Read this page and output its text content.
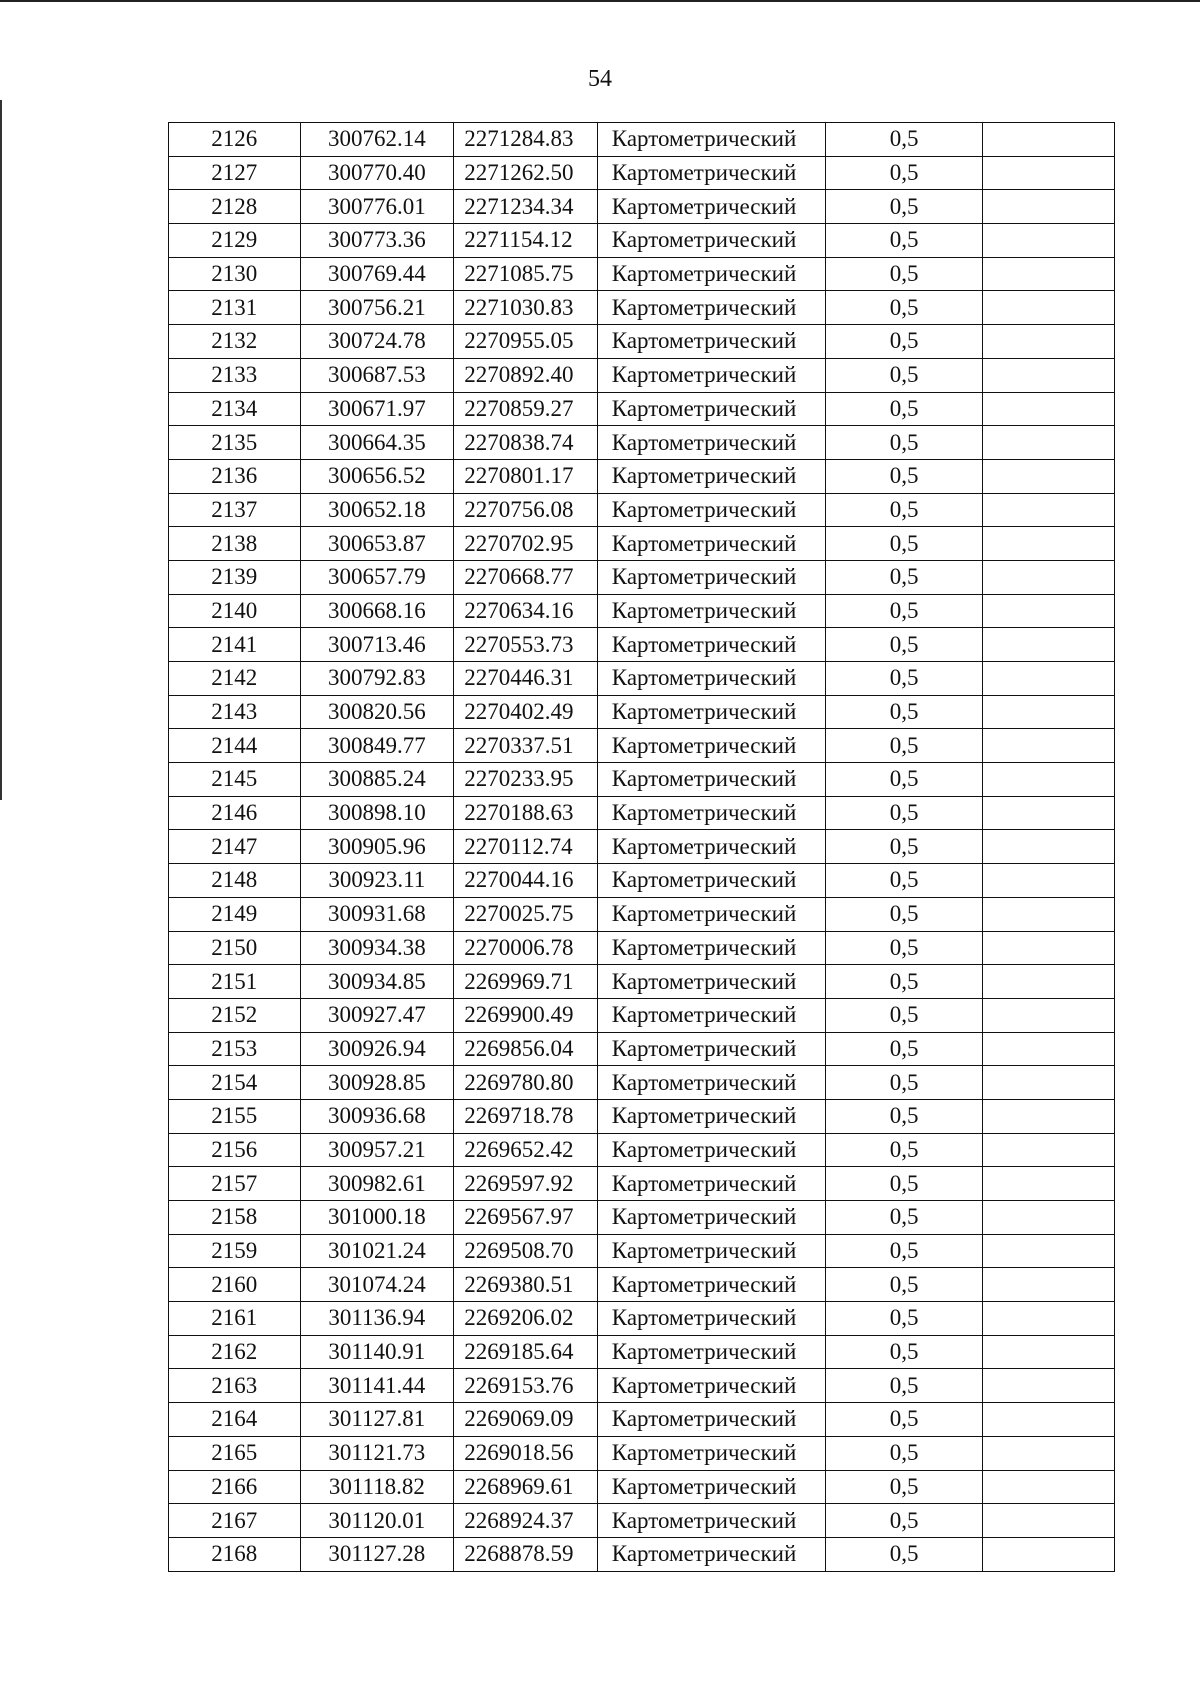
54
2126	300762.14	2271284.83	Картометрический	0,5	
2127	300770.40	2271262.50	Картометрический	0,5	
2128	300776.01	2271234.34	Картометрический	0,5	
2129	300773.36	2271154.12	Картометрический	0,5	
2130	300769.44	2271085.75	Картометрический	0,5	
2131	300756.21	2271030.83	Картометрический	0,5	
2132	300724.78	2270955.05	Картометрический	0,5	
2133	300687.53	2270892.40	Картометрический	0,5	
2134	300671.97	2270859.27	Картометрический	0,5	
2135	300664.35	2270838.74	Картометрический	0,5	
2136	300656.52	2270801.17	Картометрический	0,5	
2137	300652.18	2270756.08	Картометрический	0,5	
2138	300653.87	2270702.95	Картометрический	0,5	
2139	300657.79	2270668.77	Картометрический	0,5	
2140	300668.16	2270634.16	Картометрический	0,5	
2141	300713.46	2270553.73	Картометрический	0,5	
2142	300792.83	2270446.31	Картометрический	0,5	
2143	300820.56	2270402.49	Картометрический	0,5	
2144	300849.77	2270337.51	Картометрический	0,5	
2145	300885.24	2270233.95	Картометрический	0,5	
2146	300898.10	2270188.63	Картометрический	0,5	
2147	300905.96	2270112.74	Картометрический	0,5	
2148	300923.11	2270044.16	Картометрический	0,5	
2149	300931.68	2270025.75	Картометрический	0,5	
2150	300934.38	2270006.78	Картометрический	0,5	
2151	300934.85	2269969.71	Картометрический	0,5	
2152	300927.47	2269900.49	Картометрический	0,5	
2153	300926.94	2269856.04	Картометрический	0,5	
2154	300928.85	2269780.80	Картометрический	0,5	
2155	300936.68	2269718.78	Картометрический	0,5	
2156	300957.21	2269652.42	Картометрический	0,5	
2157	300982.61	2269597.92	Картометрический	0,5	
2158	301000.18	2269567.97	Картометрический	0,5	
2159	301021.24	2269508.70	Картометрический	0,5	
2160	301074.24	2269380.51	Картометрический	0,5	
2161	301136.94	2269206.02	Картометрический	0,5	
2162	301140.91	2269185.64	Картометрический	0,5	
2163	301141.44	2269153.76	Картометрический	0,5	
2164	301127.81	2269069.09	Картометрический	0,5	
2165	301121.73	2269018.56	Картометрический	0,5	
2166	301118.82	2268969.61	Картометрический	0,5	
2167	301120.01	2268924.37	Картометрический	0,5	
2168	301127.28	2268878.59	Картометрический	0,5	
